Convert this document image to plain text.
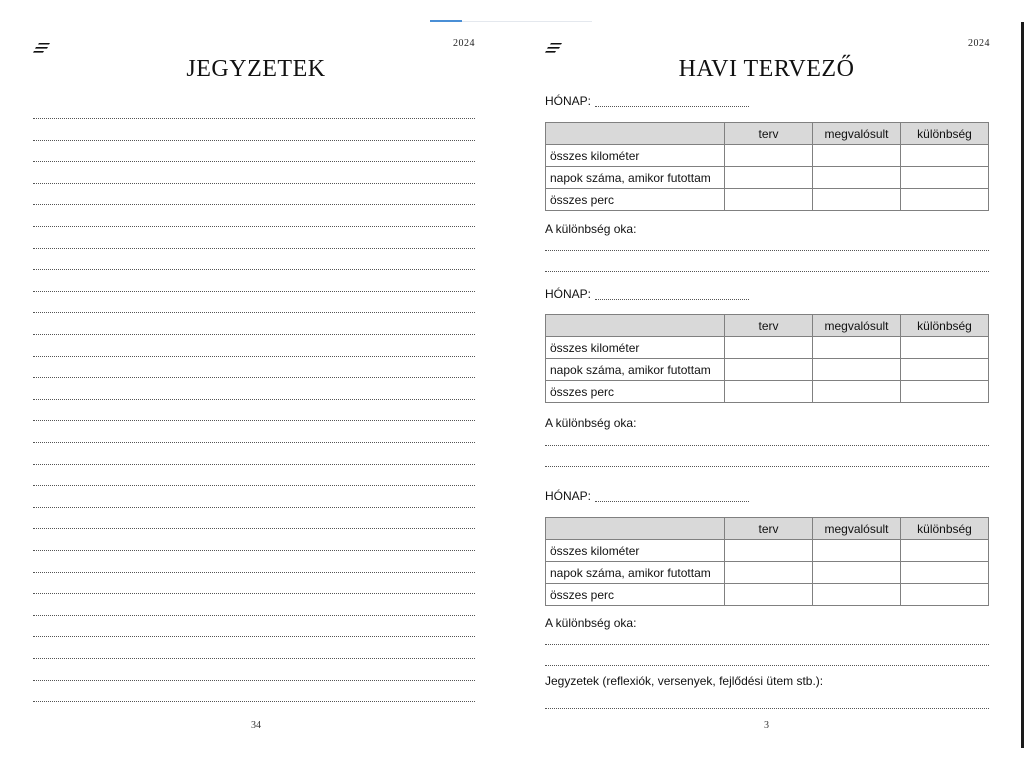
2024
JEGYZETEK
34
2024
HAVI TERVEZŐ
HÓNAP:
	terv	megvalósult	különbség
összes kilométer			
napok száma, amikor futottam			
összes perc			
A különbség oka:
HÓNAP:
	terv	megvalósult	különbség
összes kilométer			
napok száma, amikor futottam			
összes perc			
A különbség oka:
HÓNAP:
	terv	megvalósult	különbség
összes kilométer			
napok száma, amikor futottam			
összes perc			
A különbség oka:
Jegyzetek (reflexiók, versenyek, fejlődési ütem stb.):
3
